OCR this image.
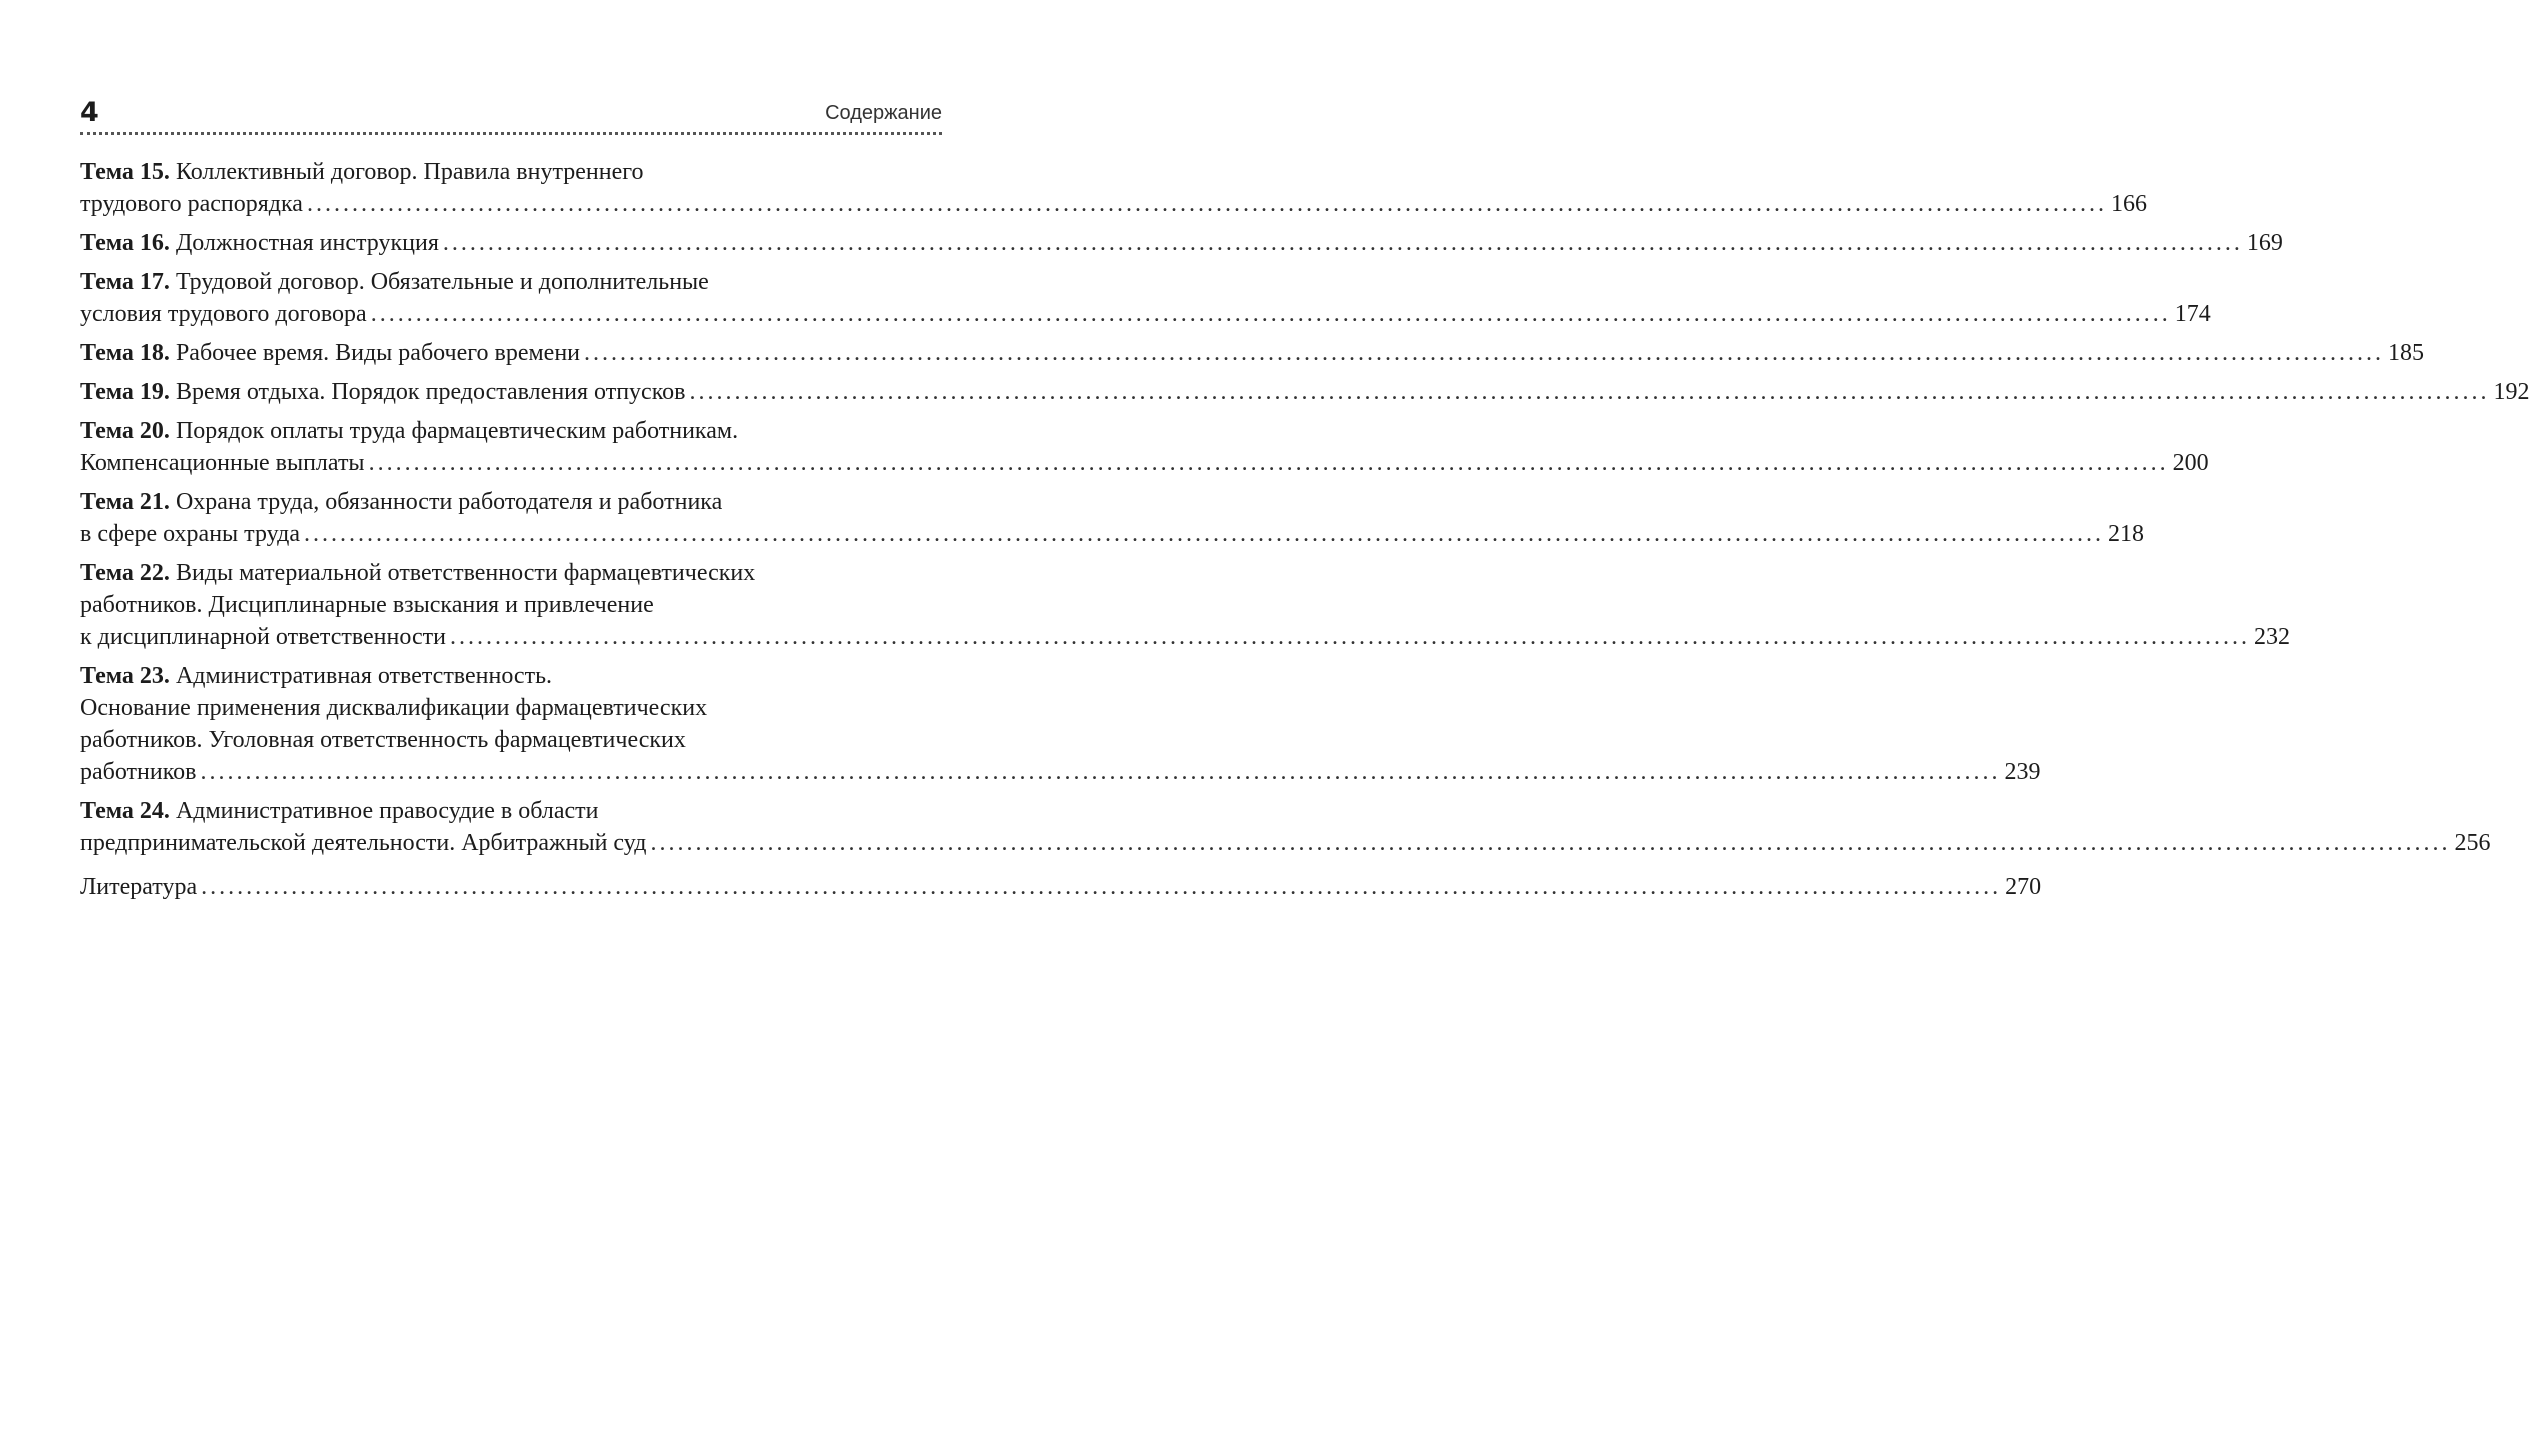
4	Содержание
Тема 15. Коллективный договор. Правила внутреннего
трудового распорядка ........................................................................................................................................................................................................ 166
Тема 16. Должностная инструкция ........................................................................................................................................................................................................ 169
Тема 17. Трудовой договор. Обязательные и дополнительные
условия трудового договора ........................................................................................................................................................................................................ 174
Тема 18. Рабочее время. Виды рабочего времени ........................................................................................................................................................................................................ 185
Тема 19. Время отдыха. Порядок предоставления отпусков ........................................................................................................................................................................................................ 192
Тема 20. Порядок оплаты труда фармацевтическим работникам.
Компенсационные выплаты ........................................................................................................................................................................................................ 200
Тема 21. Охрана труда, обязанности работодателя и работника
в сфере охраны труда ........................................................................................................................................................................................................ 218
Тема 22. Виды материальной ответственности фармацевтических
работников. Дисциплинарные взыскания и привлечение
к дисциплинарной ответственности ........................................................................................................................................................................................................ 232
Тема 23. Административная ответственность.
Основание применения дисквалификации фармацевтических
работников. Уголовная ответственность фармацевтических
работников ........................................................................................................................................................................................................ 239
Тема 24. Административное правосудие в области
предпринимательской деятельности. Арбитражный суд ........................................................................................................................................................................................................ 256
Литература ........................................................................................................................................................................................................ 270
